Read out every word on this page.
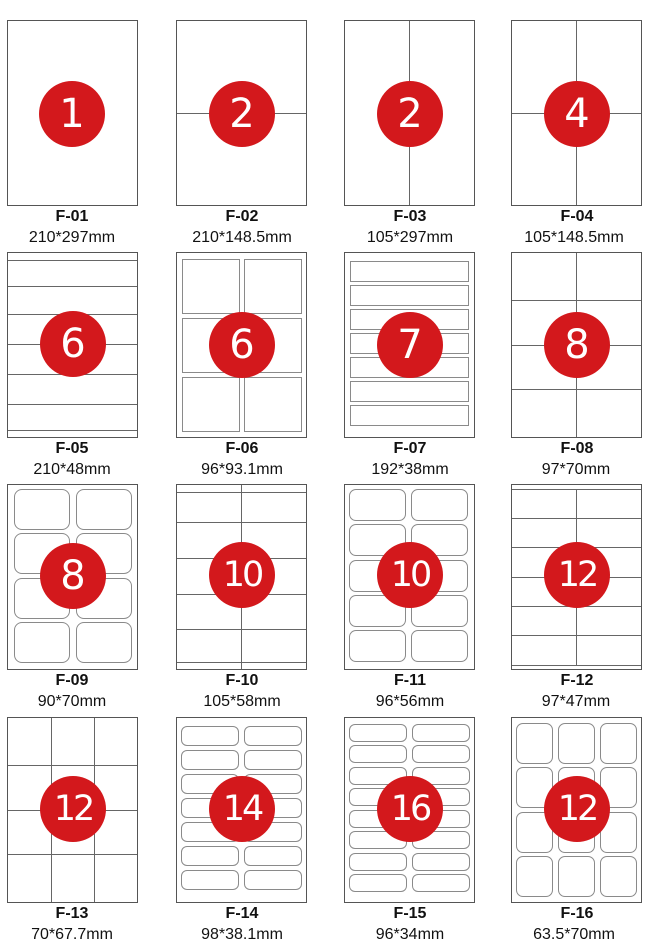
1
F-01
210*297mm
2
F-02
210*148.5mm
2
F-03
105*297mm
4
F-04
105*148.5mm
6
F-05
210*48mm
6
F-06
96*93.1mm
7
F-07
192*38mm
8
F-08
97*70mm
8
F-09
90*70mm
10
F-10
105*58mm
10
F-11
96*56mm
12
F-12
97*47mm
12
F-13
70*67.7mm
14
F-14
98*38.1mm
16
F-15
96*34mm
12
F-16
63.5*70mm
